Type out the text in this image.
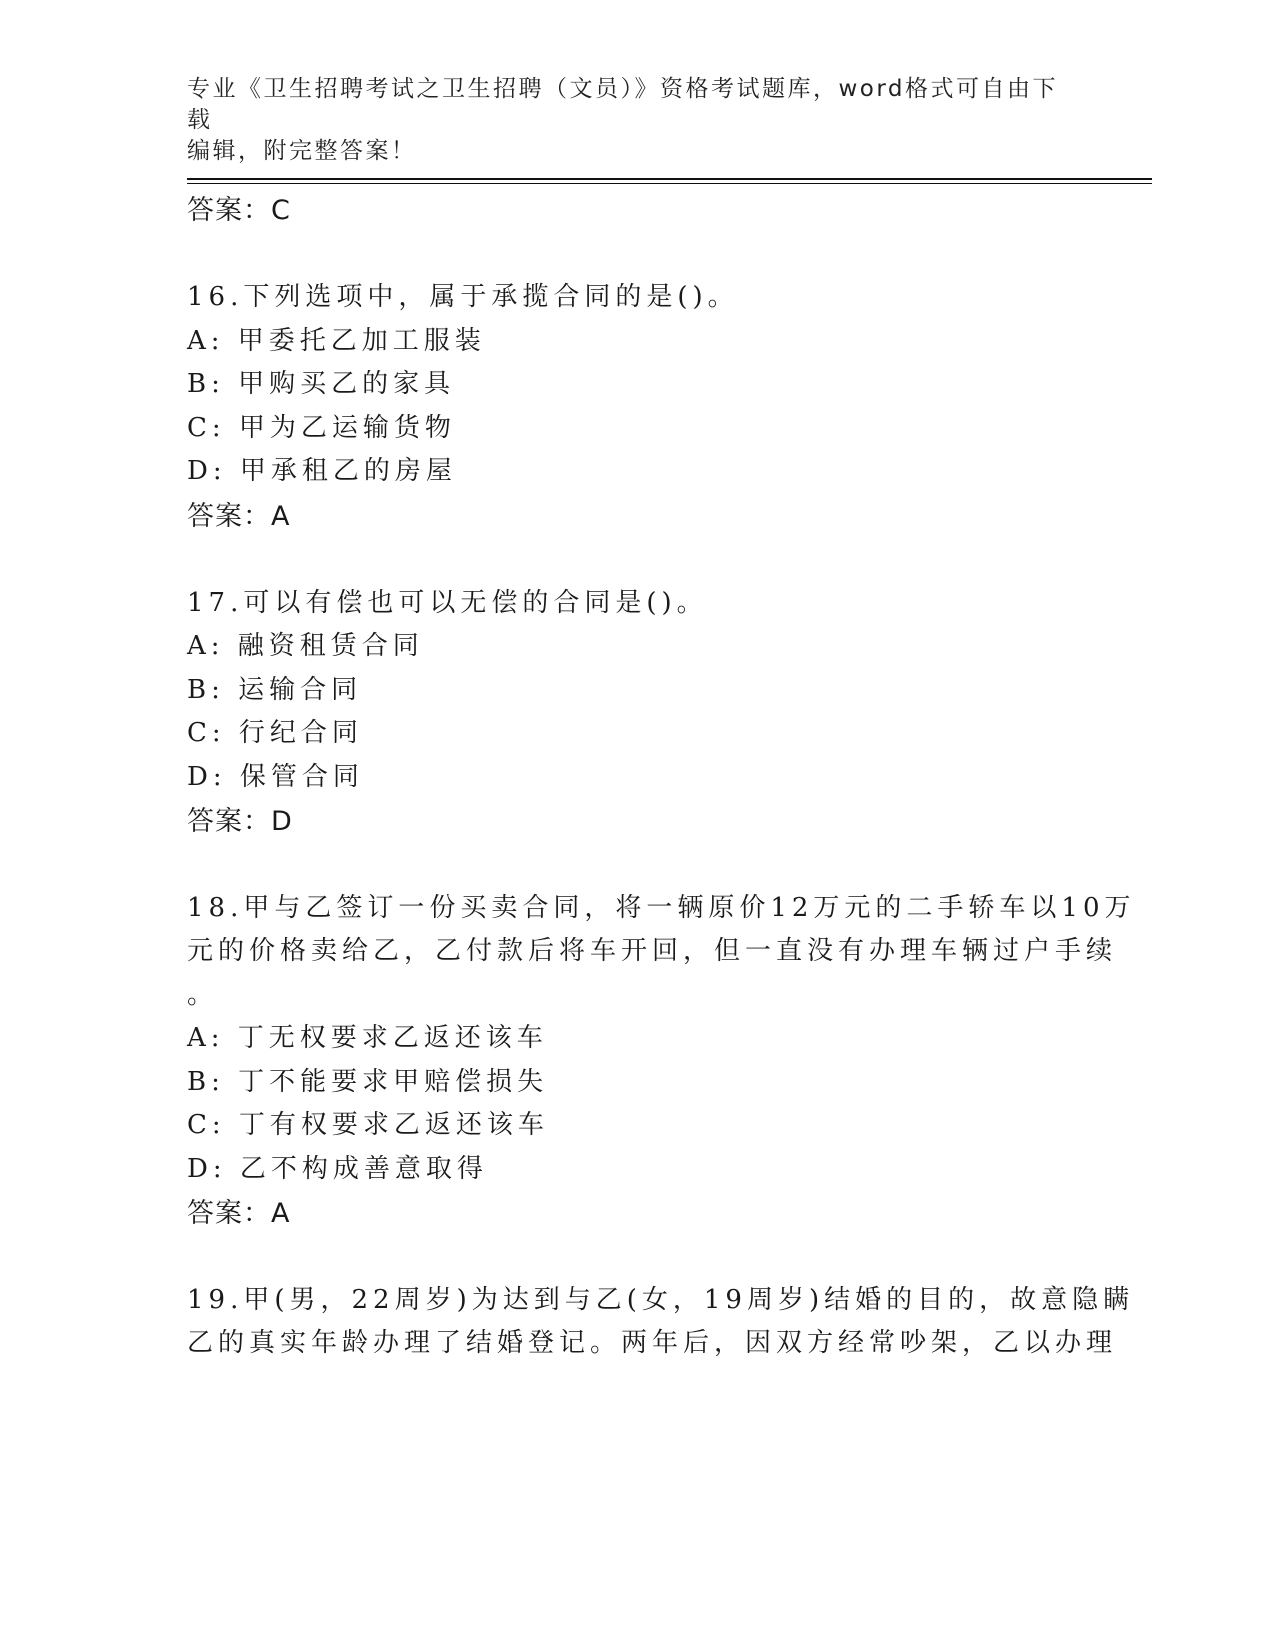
专业《卫生招聘考试之卫生招聘（文员）》资格考试题库，word格式可自由下载
编辑，附完整答案！
答案：C
16.下列选项中，属于承揽合同的是()。
A: 甲委托乙加工服装
B: 甲购买乙的家具
C: 甲为乙运输货物
D: 甲承租乙的房屋
答案：A
17.可以有偿也可以无偿的合同是()。
A: 融资租赁合同
B: 运输合同
C: 行纪合同
D: 保管合同
答案：D
18.甲与乙签订一份买卖合同，将一辆原价12万元的二手轿车以10万
元的价格卖给乙，乙付款后将车开回，但一直没有办理车辆过户手续
。
A: 丁无权要求乙返还该车
B: 丁不能要求甲赔偿损失
C: 丁有权要求乙返还该车
D: 乙不构成善意取得
答案：A
19.甲(男，22周岁)为达到与乙(女，19周岁)结婚的目的，故意隐瞒
乙的真实年龄办理了结婚登记。两年后，因双方经常吵架，乙以办理
